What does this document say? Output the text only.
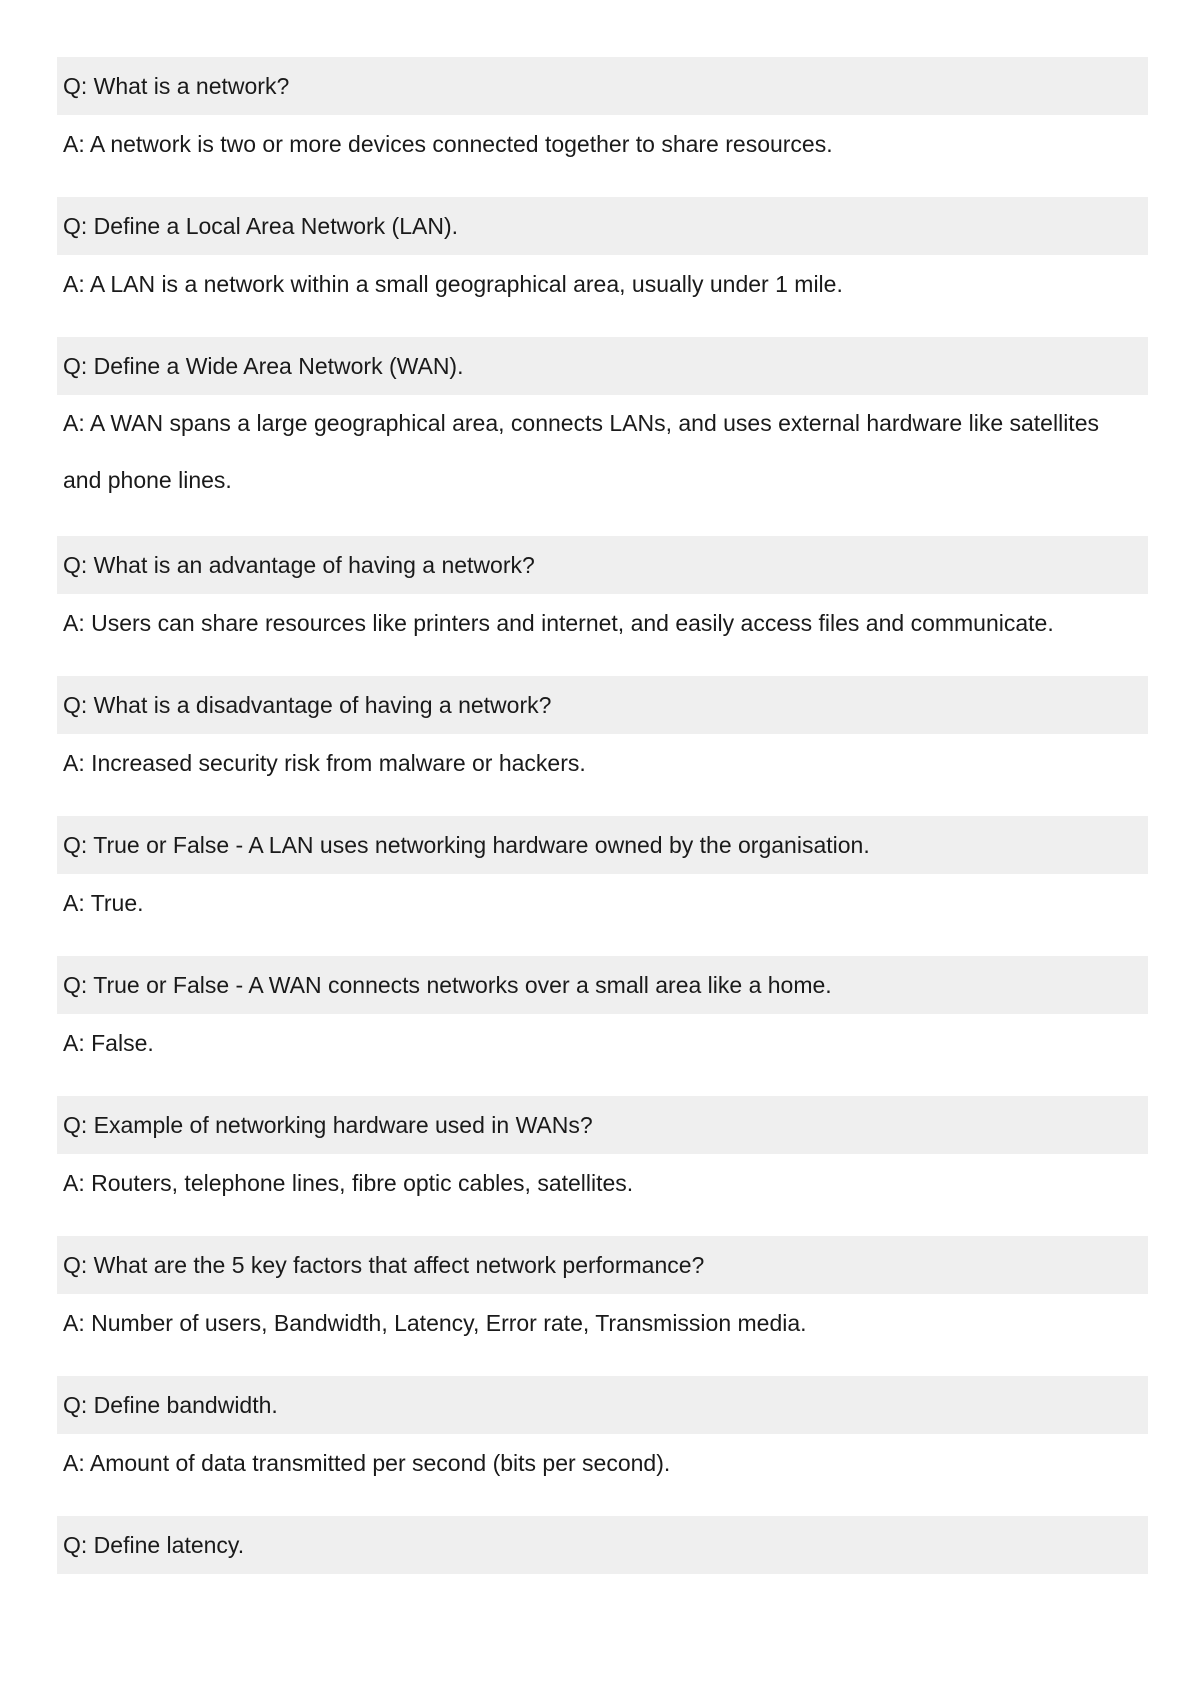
Q: What is a network?
A: A network is two or more devices connected together to share resources.
Q: Define a Local Area Network (LAN).
A: A LAN is a network within a small geographical area, usually under 1 mile.
Q: Define a Wide Area Network (WAN).
A: A WAN spans a large geographical area, connects LANs, and uses external hardware like satellites and phone lines.
Q: What is an advantage of having a network?
A: Users can share resources like printers and internet, and easily access files and communicate.
Q: What is a disadvantage of having a network?
A: Increased security risk from malware or hackers.
Q: True or False - A LAN uses networking hardware owned by the organisation.
A: True.
Q: True or False - A WAN connects networks over a small area like a home.
A: False.
Q: Example of networking hardware used in WANs?
A: Routers, telephone lines, fibre optic cables, satellites.
Q: What are the 5 key factors that affect network performance?
A: Number of users, Bandwidth, Latency, Error rate, Transmission media.
Q: Define bandwidth.
A: Amount of data transmitted per second (bits per second).
Q: Define latency.
